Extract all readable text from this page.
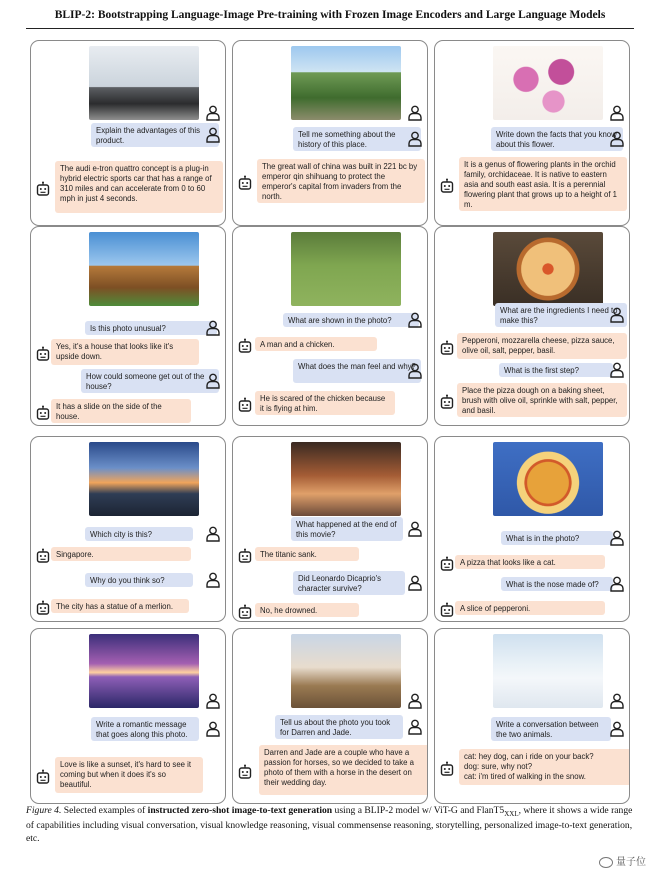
BLIP-2: Bootstrapping Language-Image Pre-training with Frozen Image Encoders and Large Language Models
Explain the advantages of this product.
The audi e-tron quattro concept is a plug-in hybrid electric sports car that has a range of 310 miles and can accelerate from 0 to 60 mph in just 4 seconds.
Tell me something about the history of this place.
The great wall of china was built in 221 bc by emperor qin shihuang to protect the emperor's capital from invaders from the north.
Write down the facts that you know about this flower.
It is a genus of flowering plants in the orchid family, orchidaceae. It is native to eastern asia and south east asia. It is a perennial flowering plant that grows up to a height of 1 m.
Is this photo unusual?
Yes, it's a house that looks like it's upside down.
How could someone get out of the house?
It has a slide on the side of the house.
What are shown in the photo?
A man and a chicken.
What does the man feel and why?
He is scared of the chicken because it is flying at him.
What are the ingredients I need to make this?
Pepperoni, mozzarella cheese, pizza sauce, olive oil, salt, pepper, basil.
What is the first step?
Place the pizza dough on a baking sheet, brush with olive oil, sprinkle with salt, pepper, and basil.
Which city is this?
Singapore.
Why do you think so?
The city has a statue of a merlion.
What happened at the end of this movie?
The titanic sank.
Did Leonardo Dicaprio's character survive?
No, he drowned.
What is in the photo?
A pizza that looks like a cat.
What is the nose made of?
A slice of pepperoni.
Write a romantic message that goes along this photo.
Love is like a sunset, it's hard to see it coming but when it does it's so beautiful.
Tell us about the photo you took for Darren and Jade.
Darren and Jade are a couple who have a passion for horses, so we decided to take a photo of them with a horse in the desert on their wedding day.
Write a conversation between the two animals.
cat: hey dog, can i ride on your back?
dog: sure, why not?
cat: i'm tired of walking in the snow.
Figure 4. Selected examples of instructed zero-shot image-to-text generation using a BLIP-2 model w/ ViT-G and $FlanT5_{XXL}$, where it shows a wide range of capabilities including visual conversation, visual knowledge reasoning, visual commensense reasoning, storytelling, personalized image-to-text generation, etc.
量子位
